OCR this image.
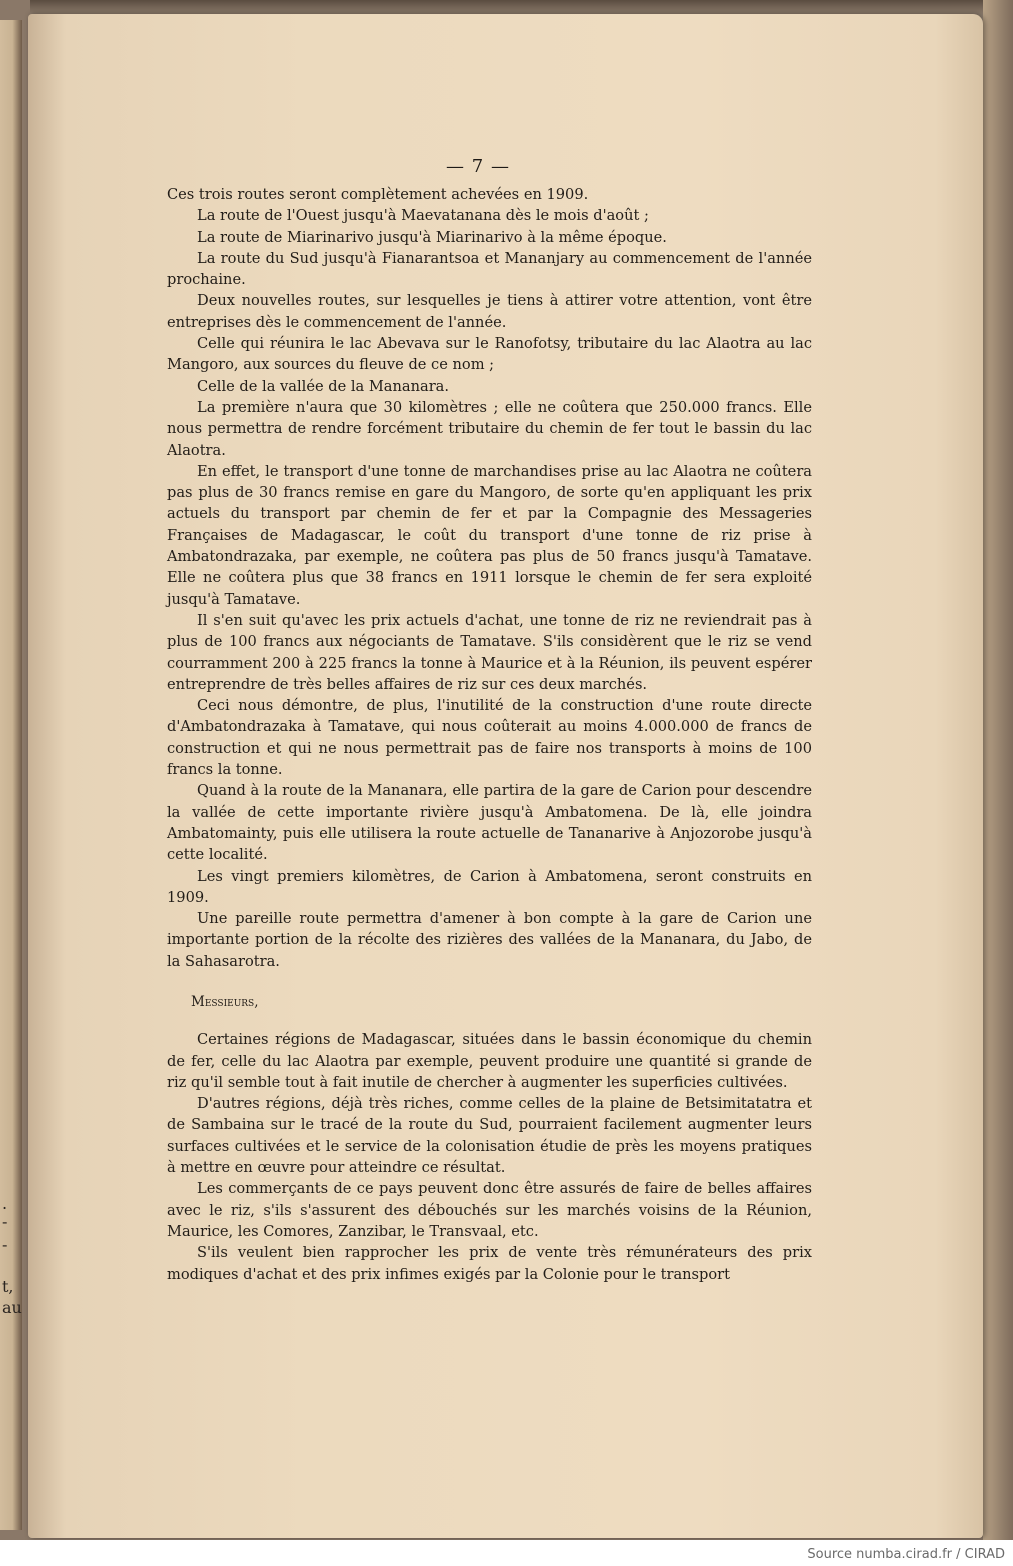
.
-
-
t,
au
— 7 —

Ces trois routes seront complètement achevées en 1909.

La route de l'Ouest jusqu'à Maevatanana dès le mois d'août ;

La route de Miarinarivo jusqu'à Miarinarivo à la même époque.

La route du Sud jusqu'à Fianarantsoa et Mananjary au commencement de l'année prochaine.

Deux nouvelles routes, sur lesquelles je tiens à attirer votre attention, vont être entreprises dès le commencement de l'année.

Celle qui réunira le lac Abevava sur le Ranofotsy, tributaire du lac Alaotra au lac Mangoro, aux sources du fleuve de ce nom ;

Celle de la vallée de la Mananara.

La première n'aura que 30 kilomètres ; elle ne coûtera que 250.000 francs. Elle nous permettra de rendre forcément tributaire du chemin de fer tout le bassin du lac Alaotra.

En effet, le transport d'une tonne de marchandises prise au lac Alaotra ne coûtera pas plus de 30 francs remise en gare du Mangoro, de sorte qu'en appliquant les prix actuels du transport par chemin de fer et par la Compagnie des Messageries Françaises de Madagascar, le coût du transport d'une tonne de riz prise à Ambatondrazaka, par exemple, ne coûtera pas plus de 50 francs jusqu'à Tamatave. Elle ne coûtera plus que 38 francs en 1911 lorsque le chemin de fer sera exploité jusqu'à Tamatave.

Il s'en suit qu'avec les prix actuels d'achat, une tonne de riz ne reviendrait pas à plus de 100 francs aux négociants de Tamatave. S'ils considèrent que le riz se vend courramment 200 à 225 francs la tonne à Maurice et à la Réunion, ils peuvent espérer entreprendre de très belles affaires de riz sur ces deux marchés.

Ceci nous démontre, de plus, l'inutilité de la construction d'une route directe d'Ambatondrazaka à Tamatave, qui nous coûterait au moins 4.000.000 de francs de construction et qui ne nous permettrait pas de faire nos transports à moins de 100 francs la tonne.

Quand à la route de la Mananara, elle partira de la gare de Carion pour descendre la vallée de cette importante rivière jusqu'à Ambatomena. De là, elle joindra Ambatomainty, puis elle utilisera la route actuelle de Tananarive à Anjozorobe jusqu'à cette localité.

Les vingt premiers kilomètres, de Carion à Ambatomena, seront construits en 1909.

Une pareille route permettra d'amener à bon compte à la gare de Carion une importante portion de la récolte des rizières des vallées de la Mananara, du Jabo, de la Sahasarotra.

Messieurs,

Certaines régions de Madagascar, situées dans le bassin économique du chemin de fer, celle du lac Alaotra par exemple, peuvent produire une quantité si grande de riz qu'il semble tout à fait inutile de chercher à augmenter les superficies cultivées.

D'autres régions, déjà très riches, comme celles de la plaine de Betsimitatatra et de Sambaina sur le tracé de la route du Sud, pourraient facilement augmenter leurs surfaces cultivées et le service de la colonisation étudie de près les moyens pratiques à mettre en œuvre pour atteindre ce résultat.

Les commerçants de ce pays peuvent donc être assurés de faire de belles affaires avec le riz, s'ils s'assurent des débouchés sur les marchés voisins de la Réunion, Maurice, les Comores, Zanzibar, le Transvaal, etc.

S'ils veulent bien rapprocher les prix de vente très rémunérateurs des prix modiques d'achat et des prix infimes exigés par la Colonie pour le transport

Source numba.cirad.fr / CIRAD
